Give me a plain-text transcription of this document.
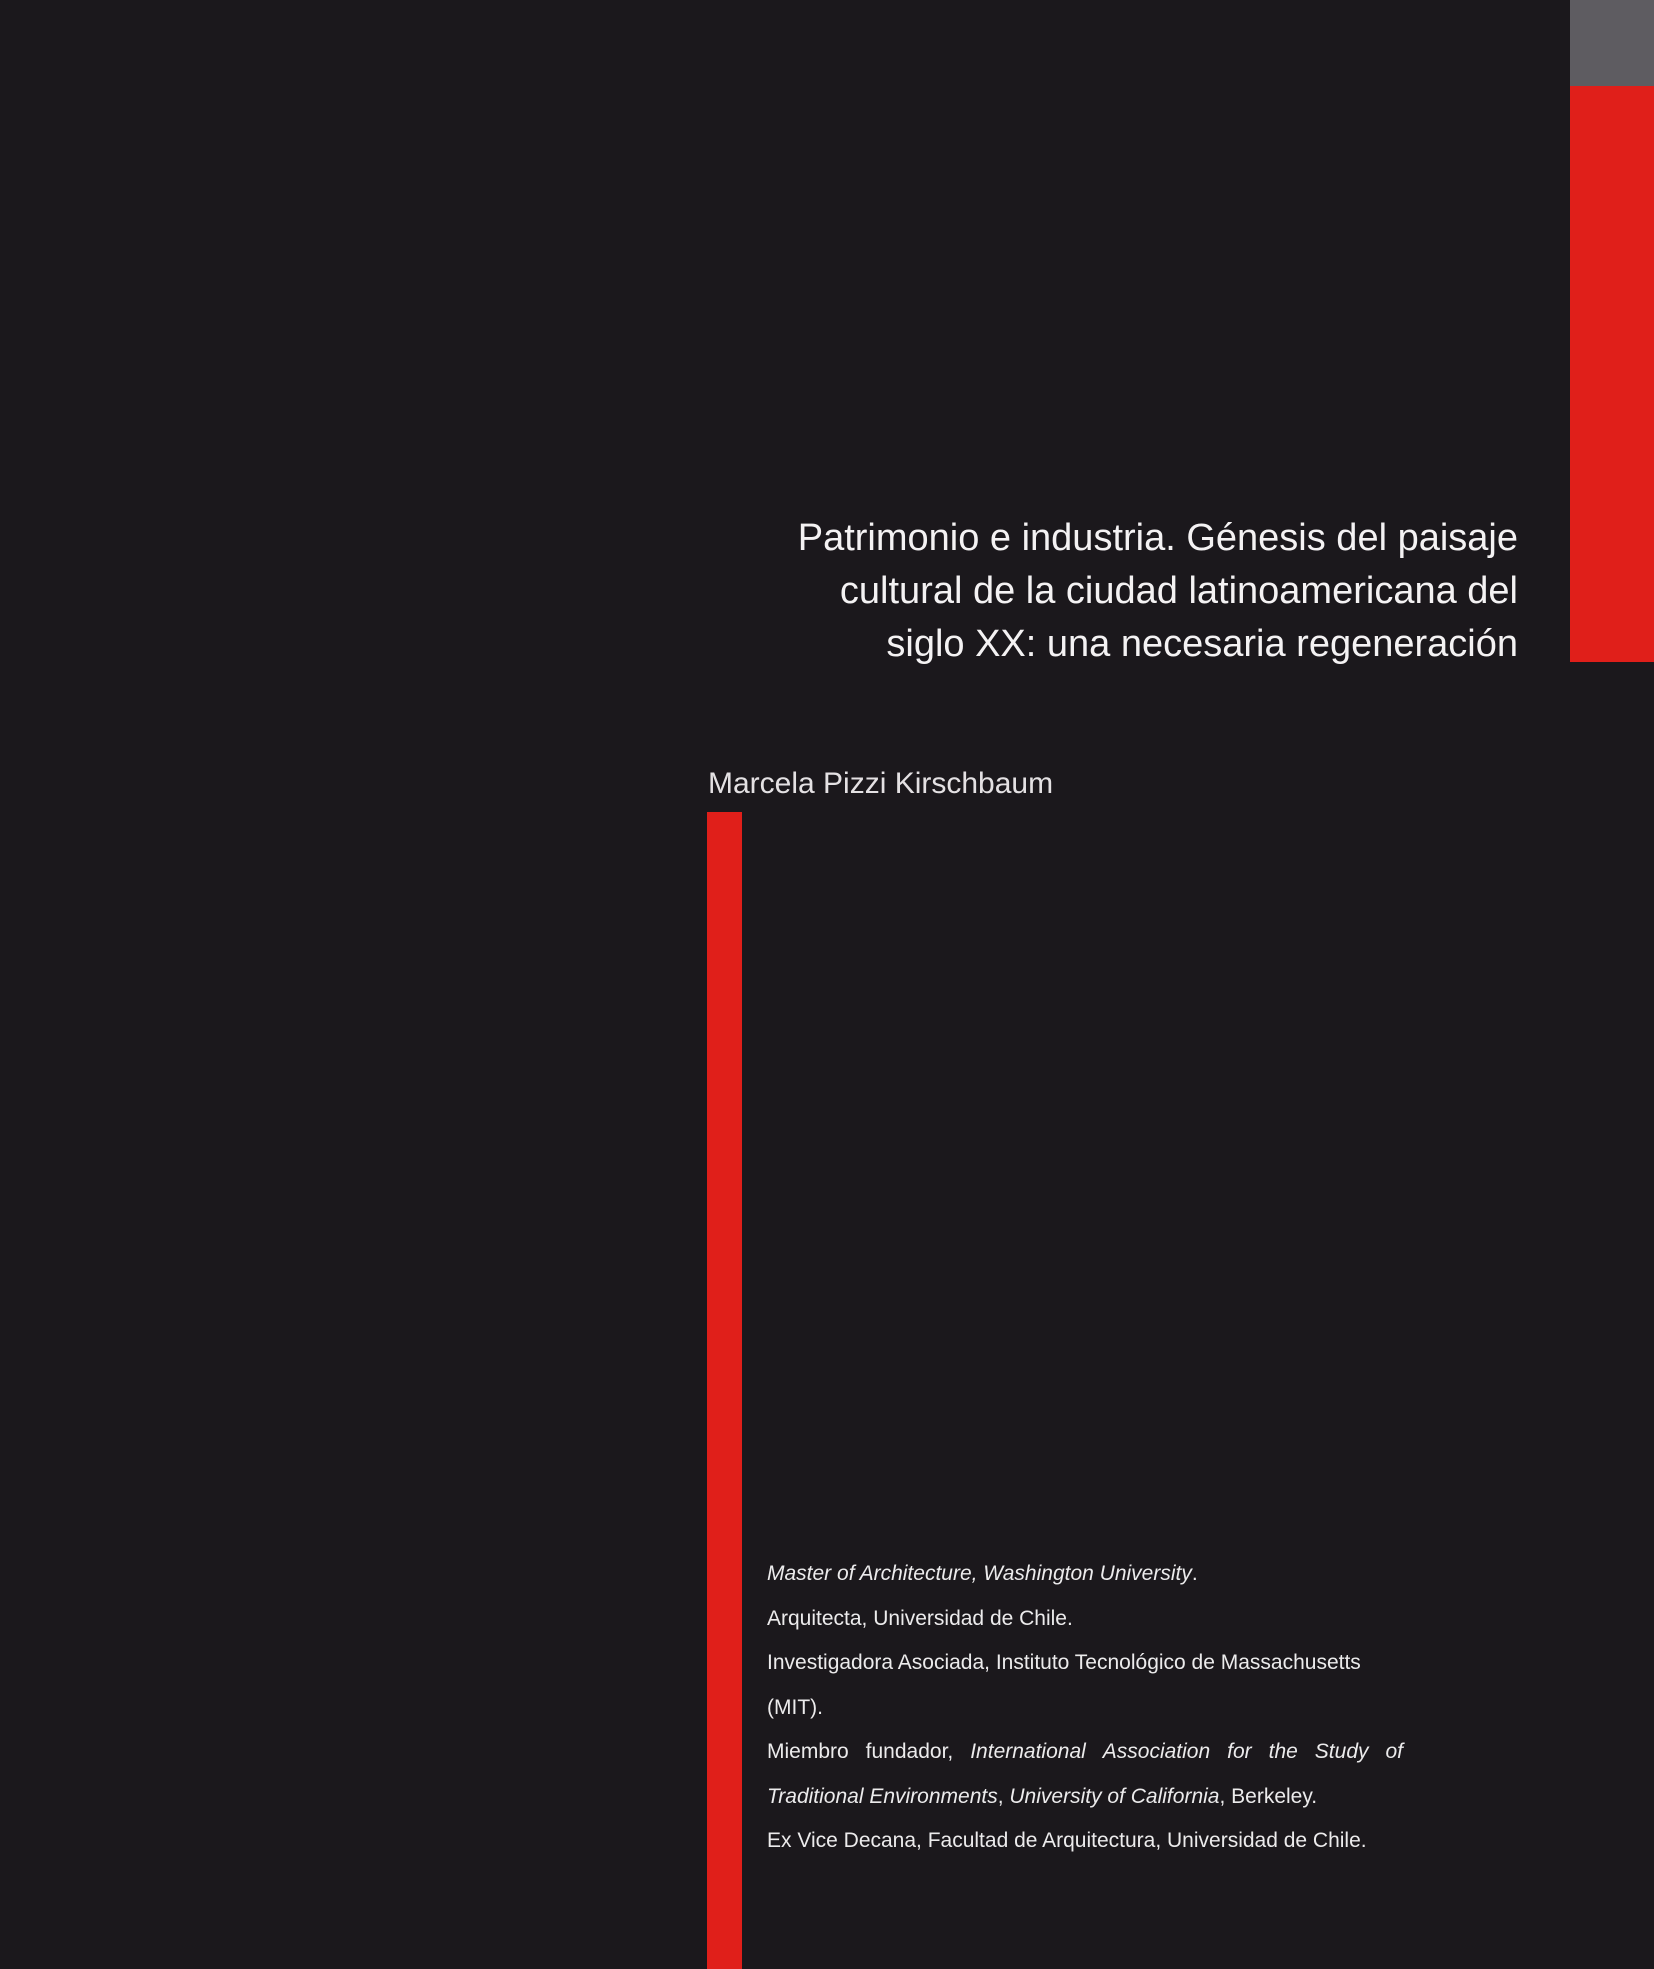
Patrimonio e industria. Génesis del paisaje
cultural de la ciudad latinoamericana del
siglo XX: una necesaria regeneración
Marcela Pizzi Kirschbaum
Master of Architecture, Washington University.
Arquitecta, Universidad de Chile.
Investigadora Asociada, Instituto Tecnológico de Massachusetts
(MIT).
Miembro fundador, International Association for the Study of
Traditional Environments, University of California, Berkeley.
Ex Vice Decana, Facultad de Arquitectura, Universidad de Chile.
